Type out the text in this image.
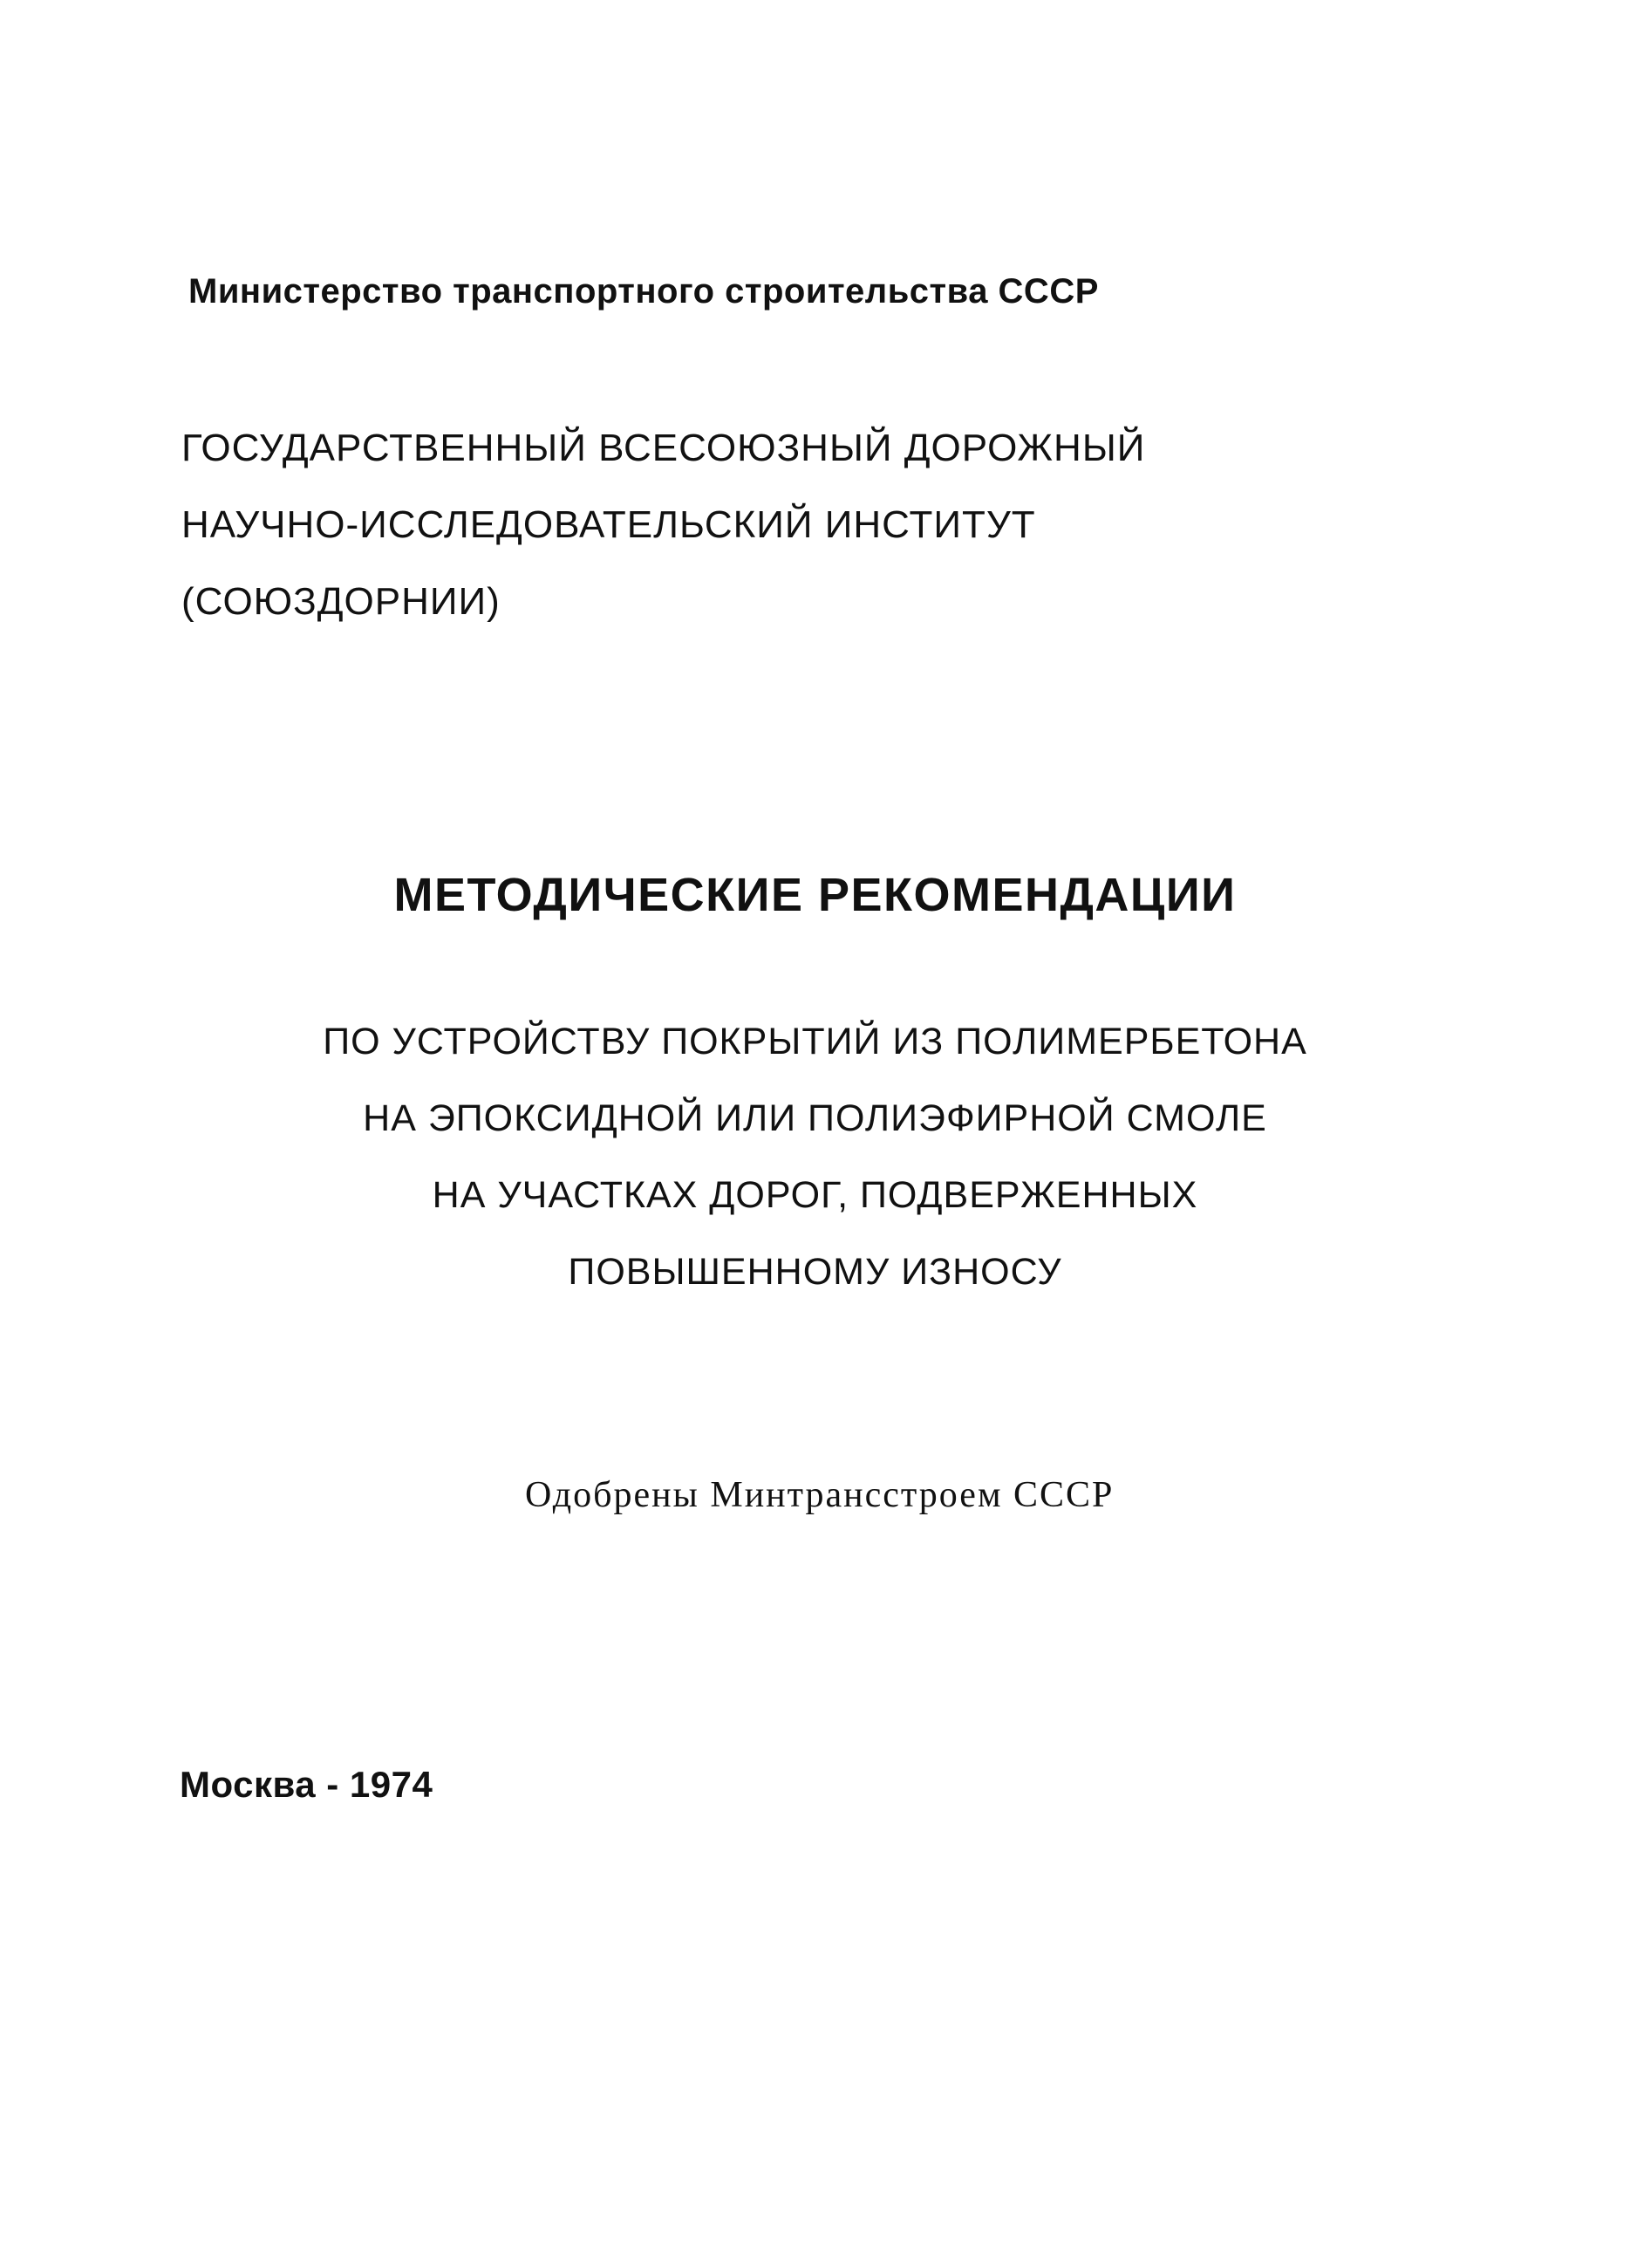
Министерство транспортного строительства СССР
ГОСУДАРСТВЕННЫЙ ВСЕСОЮЗНЫЙ ДОРОЖНЫЙ
НАУЧНО-ИССЛЕДОВАТЕЛЬСКИЙ ИНСТИТУТ
(СОЮЗДОРНИИ)
МЕТОДИЧЕСКИЕ РЕКОМЕНДАЦИИ
ПО УСТРОЙСТВУ ПОКРЫТИЙ ИЗ ПОЛИМЕРБЕТОНА
НА ЭПОКСИДНОЙ ИЛИ ПОЛИЭФИРНОЙ СМОЛЕ
НА УЧАСТКАХ ДОРОГ, ПОДВЕРЖЕННЫХ
ПОВЫШЕННОМУ ИЗНОСУ
Одобрены Минтрансстроем СССР
Москва - 1974
